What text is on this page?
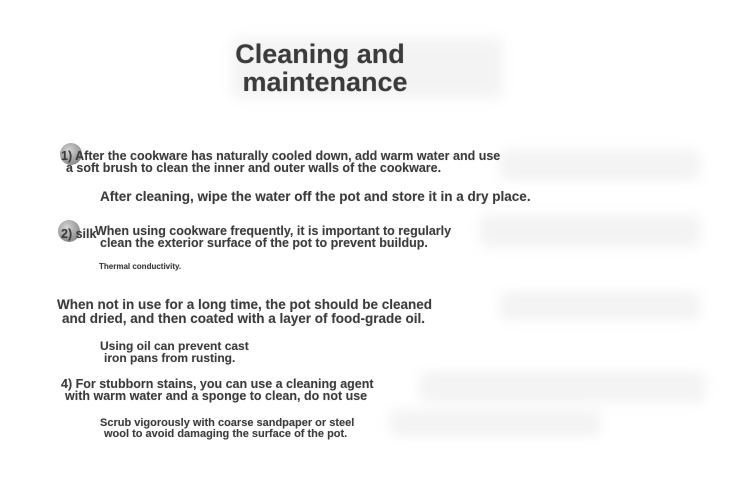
Cleaning and
maintenance

1) After the cookware has naturally cooled down, add warm water and use
a soft brush to clean the inner and outer walls of the cookware.

After cleaning, wipe the water off the pot and store it in a dry place.

2) silk

When using cookware frequently, it is important to regularly
clean the exterior surface of the pot to prevent buildup.

Thermal conductivity.

When not in use for a long time, the pot should be cleaned
and dried, and then coated with a layer of food-grade oil.

Using oil can prevent cast
iron pans from rusting.

4) For stubborn stains, you can use a cleaning agent
with warm water and a sponge to clean, do not use

Scrub vigorously with coarse sandpaper or steel
wool to avoid damaging the surface of the pot.
